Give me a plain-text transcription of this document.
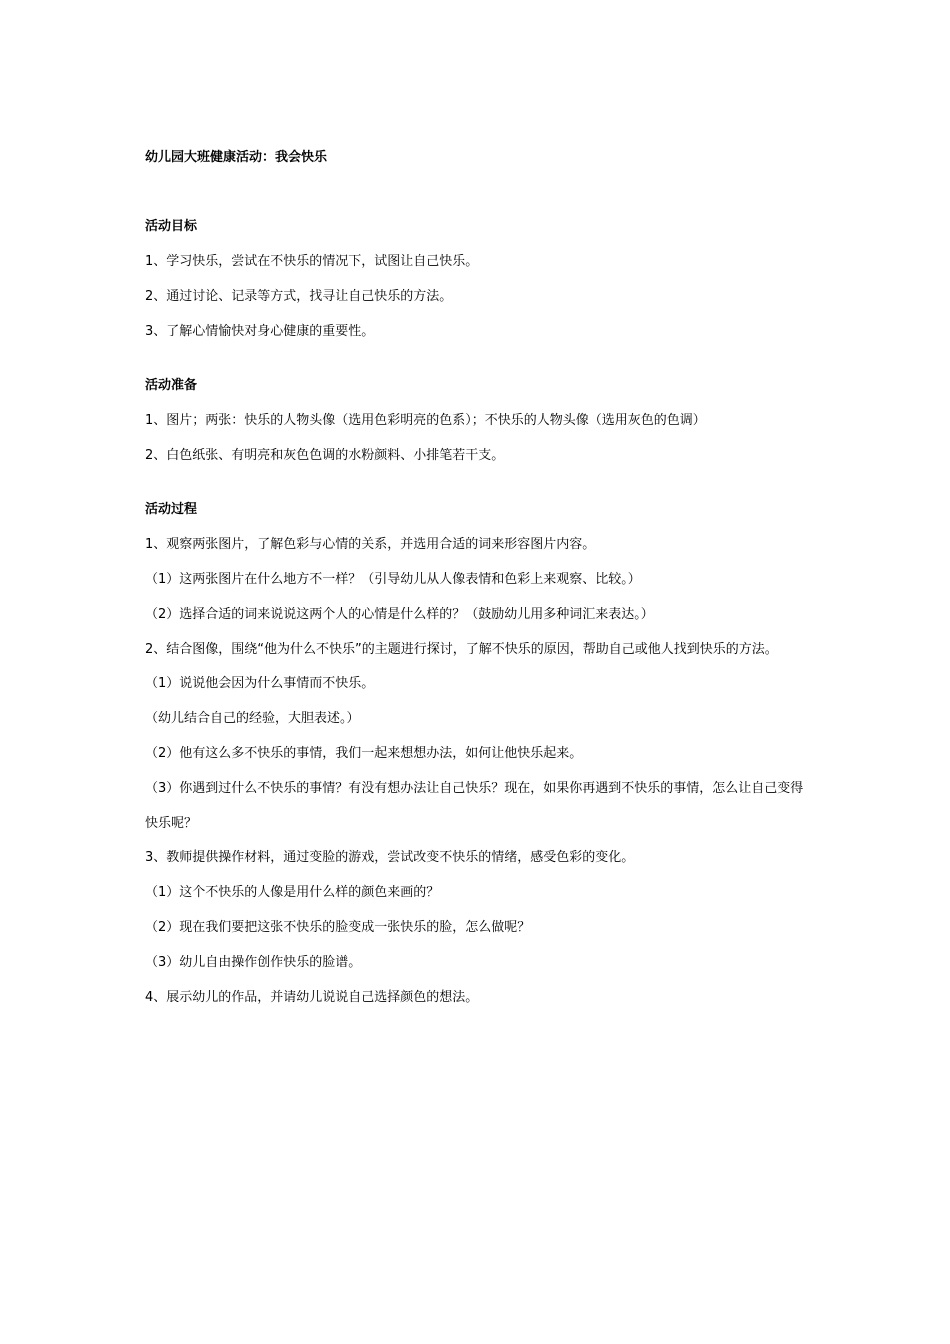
幼儿园大班健康活动：我会快乐
活动目标
1、学习快乐，尝试在不快乐的情况下，试图让自己快乐。
2、通过讨论、记录等方式，找寻让自己快乐的方法。
3、了解心情愉快对身心健康的重要性。
活动准备
1、图片；两张：快乐的人物头像（选用色彩明亮的色系）；不快乐的人物头像（选用灰色的色调）
2、白色纸张、有明亮和灰色色调的水粉颜料、小排笔若干支。
活动过程
1、观察两张图片，了解色彩与心情的关系，并选用合适的词来形容图片内容。
（1）这两张图片在什么地方不一样？（引导幼儿从人像表情和色彩上来观察、比较。）
（2）选择合适的词来说说这两个人的心情是什么样的？（鼓励幼儿用多种词汇来表达。）
2、结合图像，围绕“他为什么不快乐”的主题进行探讨，了解不快乐的原因，帮助自己或他人找到快乐的方法。
（1）说说他会因为什么事情而不快乐。
（幼儿结合自己的经验，大胆表述。）
（2）他有这么多不快乐的事情，我们一起来想想办法，如何让他快乐起来。
（3）你遇到过什么不快乐的事情？有没有想办法让自己快乐？现在，如果你再遇到不快乐的事情，怎么让自己变得快乐呢？
3、教师提供操作材料，通过变脸的游戏，尝试改变不快乐的情绪，感受色彩的变化。
（1）这个不快乐的人像是用什么样的颜色来画的？
（2）现在我们要把这张不快乐的脸变成一张快乐的脸，怎么做呢？
（3）幼儿自由操作创作快乐的脸谱。
4、展示幼儿的作品，并请幼儿说说自己选择颜色的想法。
